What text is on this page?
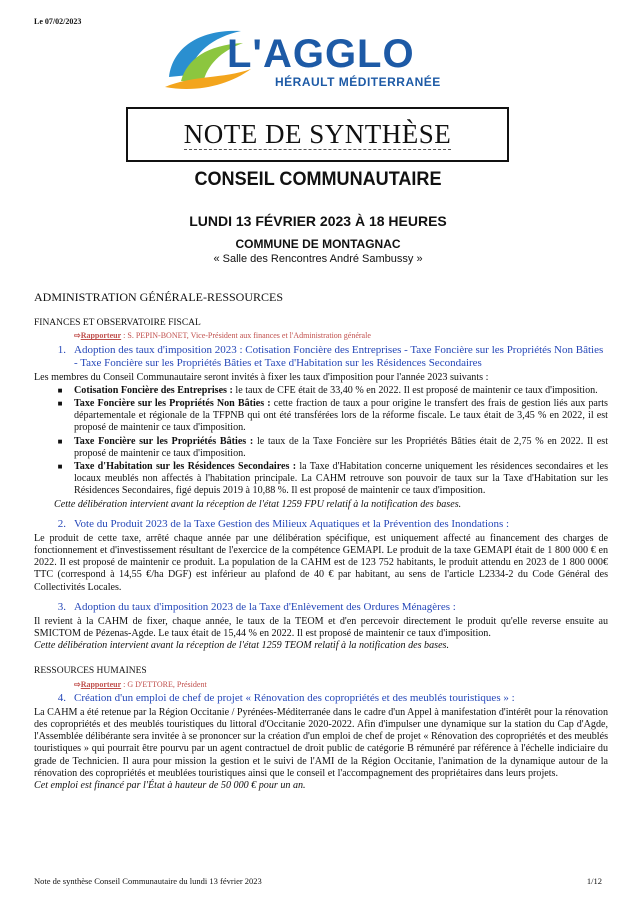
Le 07/02/2023
L'AGGLO
HÉRAULT MÉDITERRANÉE
NOTE DE SYNTHÈSE
CONSEIL COMMUNAUTAIRE
LUNDI 13 FÉVRIER 2023 À 18 HEURES
COMMUNE DE MONTAGNAC
« Salle des Rencontres André Sambussy »
ADMINISTRATION GÉNÉRALE-RESSOURCES
FINANCES ET OBSERVATOIRE FISCAL
⇨Rapporteur : S. PEPIN-BONET, Vice-Président aux finances et l'Administration générale
1. Adoption des taux d'imposition 2023 : Cotisation Foncière des Entreprises - Taxe Foncière sur les Propriétés Non Bâties - Taxe Foncière sur les Propriétés Bâties et Taxe d'Habitation sur les Résidences Secondaires

Les membres du Conseil Communautaire seront invités à fixer les taux d'imposition pour l'année 2023 suivants :

■	Cotisation Foncière des Entreprises : le taux de CFE était de 33,40 % en 2022. Il est proposé de maintenir ce taux d'imposition.
■	Taxe Foncière sur les Propriétés Non Bâties : cette fraction de taux a pour origine le transfert des frais de gestion liés aux parts départementale et régionale de la TFPNB qui ont été transférées lors de la réforme fiscale. Le taux était de 3,45 % en 2022, il est proposé de maintenir ce taux d'imposition.
■	Taxe Foncière sur les Propriétés Bâties : le taux de la Taxe Foncière sur les Propriétés Bâties était de 2,75 % en 2022. Il est proposé de maintenir ce taux d'imposition.
■	Taxe d'Habitation sur les Résidences Secondaires : la Taxe d'Habitation concerne uniquement les résidences secondaires et les locaux meublés non affectés à l'habitation principale. La CAHM retrouve son pouvoir de taux sur la Taxe d'Habitation sur les Résidences Secondaires, figé depuis 2019 à 10,88 %. Il est proposé de maintenir ce taux d'imposition.

Cette délibération intervient avant la réception de l'état 1259 FPU relatif à la notification des bases.

2. Vote du Produit 2023 de la Taxe Gestion des Milieux Aquatiques et la Prévention des Inondations :

Le produit de cette taxe, arrêté chaque année par une délibération spécifique, est uniquement affecté au financement des charges de fonctionnement et d'investissement résultant de l'exercice de la compétence GEMAPI. Le produit de la taxe GEMAPI était de 1 800 000 € en 2022. Il est proposé de maintenir ce produit. La population de la CAHM est de 123 752 habitants, le produit attendu en 2023 de 1 800 000€ TTC (correspond à 14,55 €/ha DGF) est inférieur au plafond de 40 € par habitant, au sens de l'article L2334-2 du Code Général des Collectivités Locales.

3. Adoption du taux d'imposition 2023 de la Taxe d'Enlèvement des Ordures Ménagères :

Il revient à la CAHM de fixer, chaque année, le taux de la TEOM et d'en percevoir directement le produit qu'elle reverse ensuite au SMICTOM de Pézenas-Agde. Le taux était de 15,44 % en 2022. Il est proposé de maintenir ce taux d'imposition.

Cette délibération intervient avant la réception de l'état 1259 TEOM relatif à la notification des bases.

RESSOURCES HUMAINES
⇨Rapporteur : G D'ETTORE, Président
4. Création d'un emploi de chef de projet « Rénovation des copropriétés et des meublés touristiques » :

La CAHM a été retenue par la Région Occitanie / Pyrénées-Méditerranée dans le cadre d'un Appel à manifestation d'intérêt pour la rénovation des copropriétés et des meublés touristiques du littoral d'Occitanie 2020-2022. Afin d'impulser une dynamique sur la station du Cap d'Agde, l'Assemblée délibérante sera invitée à se prononcer sur la création d'un emploi de chef de projet « Rénovation des copropriétés et des meublés touristiques » qui pourrait être pourvu par un agent contractuel de droit public de catégorie B rémunéré par référence à l'échelle indiciaire du grade de Technicien. Il aura pour mission la gestion et le suivi de l'AMI de la Région Occitanie, l'animation de la dynamique autour de la rénovation des copropriétés et meublées touristiques ainsi que le conseil et l'accompagnement des propriétaires dans leurs projets.

Cet emploi est financé par l'État à hauteur de 50 000 € pour un an.

Note de synthèse Conseil Communautaire du lundi 13 février 2023	1/12
